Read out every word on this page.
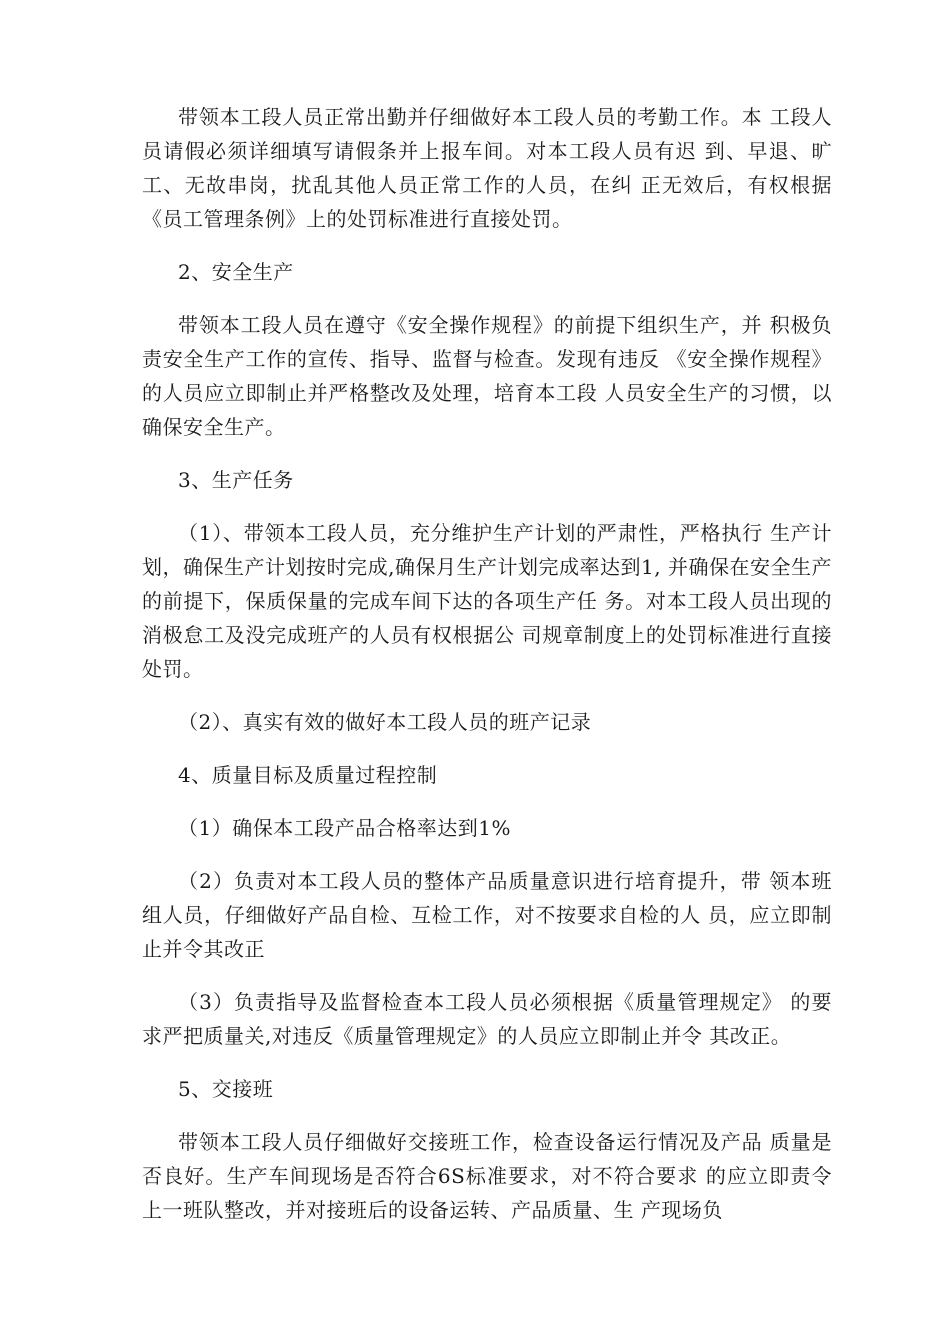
带领本工段人员正常出勤并仔细做好本工段人员的考勤工作。本 工段人员请假必须详细填写请假条并上报车间。对本工段人员有迟 到、早退、旷工、无故串岗，扰乱其他人员正常工作的人员，在纠 正无效后，有权根据《员工管理条例》上的处罚标准进行直接处罚。

2、安全生产

带领本工段人员在遵守《安全操作规程》的前提下组织生产，并 积极负责安全生产工作的宣传、指导、监督与检查。发现有违反 《安全操作规程》的人员应立即制止并严格整改及处理，培育本工段 人员安全生产的习惯，以确保安全生产。

3、生产任务

（1）、带领本工段人员，充分维护生产计划的严肃性，严格执行 生产计划，确保生产计划按时完成,确保月生产计划完成率达到1, 并确保在安全生产的前提下，保质保量的完成车间下达的各项生产任 务。对本工段人员出现的消极怠工及没完成班产的人员有权根据公 司规章制度上的处罚标准进行直接处罚。

（2）、真实有效的做好本工段人员的班产记录

4、质量目标及质量过程控制

（1）确保本工段产品合格率达到1%

（2）负责对本工段人员的整体产品质量意识进行培育提升，带 领本班组人员，仔细做好产品自检、互检工作，对不按要求自检的人 员，应立即制止并令其改正

（3）负责指导及监督检查本工段人员必须根据《质量管理规定》 的要求严把质量关,对违反《质量管理规定》的人员应立即制止并令 其改正。

5、交接班

带领本工段人员仔细做好交接班工作，检查设备运行情况及产品 质量是否良好。生产车间现场是否符合6S标准要求，对不符合要求 的应立即责令上一班队整改，并对接班后的设备运转、产品质量、生 产现场负
